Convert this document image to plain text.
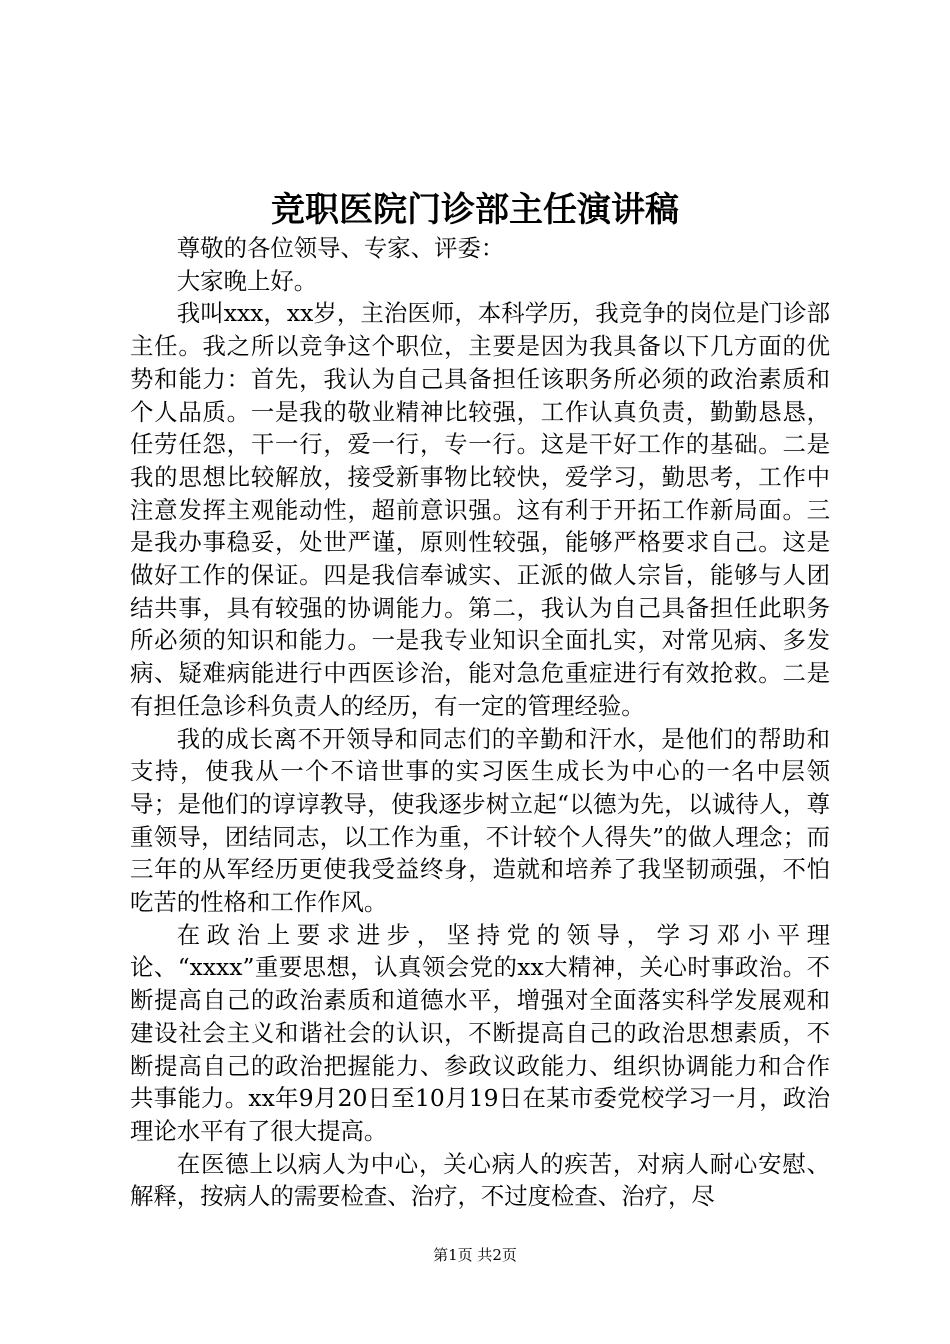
竞职医院门诊部主任演讲稿

尊敬的各位领导、专家、评委：

大家晚上好。

我叫xxx，xx岁，主治医师，本科学历，我竞争的岗位是门诊部主任。我之所以竞争这个职位，主要是因为我具备以下几方面的优势和能力：首先，我认为自己具备担任该职务所必须的政治素质和个人品质。一是我的敬业精神比较强，工作认真负责，勤勤恳恳，任劳任怨，干一行，爱一行，专一行。这是干好工作的基础。二是我的思想比较解放，接受新事物比较快，爱学习，勤思考，工作中注意发挥主观能动性，超前意识强。这有利于开拓工作新局面。三是我办事稳妥，处世严谨，原则性较强，能够严格要求自己。这是做好工作的保证。四是我信奉诚实、正派的做人宗旨，能够与人团结共事，具有较强的协调能力。第二，我认为自己具备担任此职务所必须的知识和能力。一是我专业知识全面扎实，对常见病、多发病、疑难病能进行中西医诊治，能对急危重症进行有效抢救。二是有担任急诊科负责人的经历，有一定的管理经验。

我的成长离不开领导和同志们的辛勤和汗水，是他们的帮助和支持，使我从一个不谙世事的实习医生成长为中心的一名中层领导；是他们的谆谆教导，使我逐步树立起“以德为先，以诚待人，尊重领导，团结同志，以工作为重，不计较个人得失”的做人理念；而三年的从军经历更使我受益终身，造就和培养了我坚韧顽强，不怕吃苦的性格和工作作风。

在政治上要求进步，坚持党的领导，学习邓小平理论、“xxxx”重要思想，认真领会党的xx大精神，关心时事政治。不断提高自己的政治素质和道德水平，增强对全面落实科学发展观和建设社会主义和谐社会的认识，不断提高自己的政治思想素质，不断提高自己的政治把握能力、参政议政能力、组织协调能力和合作共事能力。xx年9月20日至10月19日在某市委党校学习一月，政治理论水平有了很大提高。

在医德上以病人为中心，关心病人的疾苦，对病人耐心安慰、解释，按病人的需要检查、治疗，不过度检查、治疗，尽

第1页 共2页
